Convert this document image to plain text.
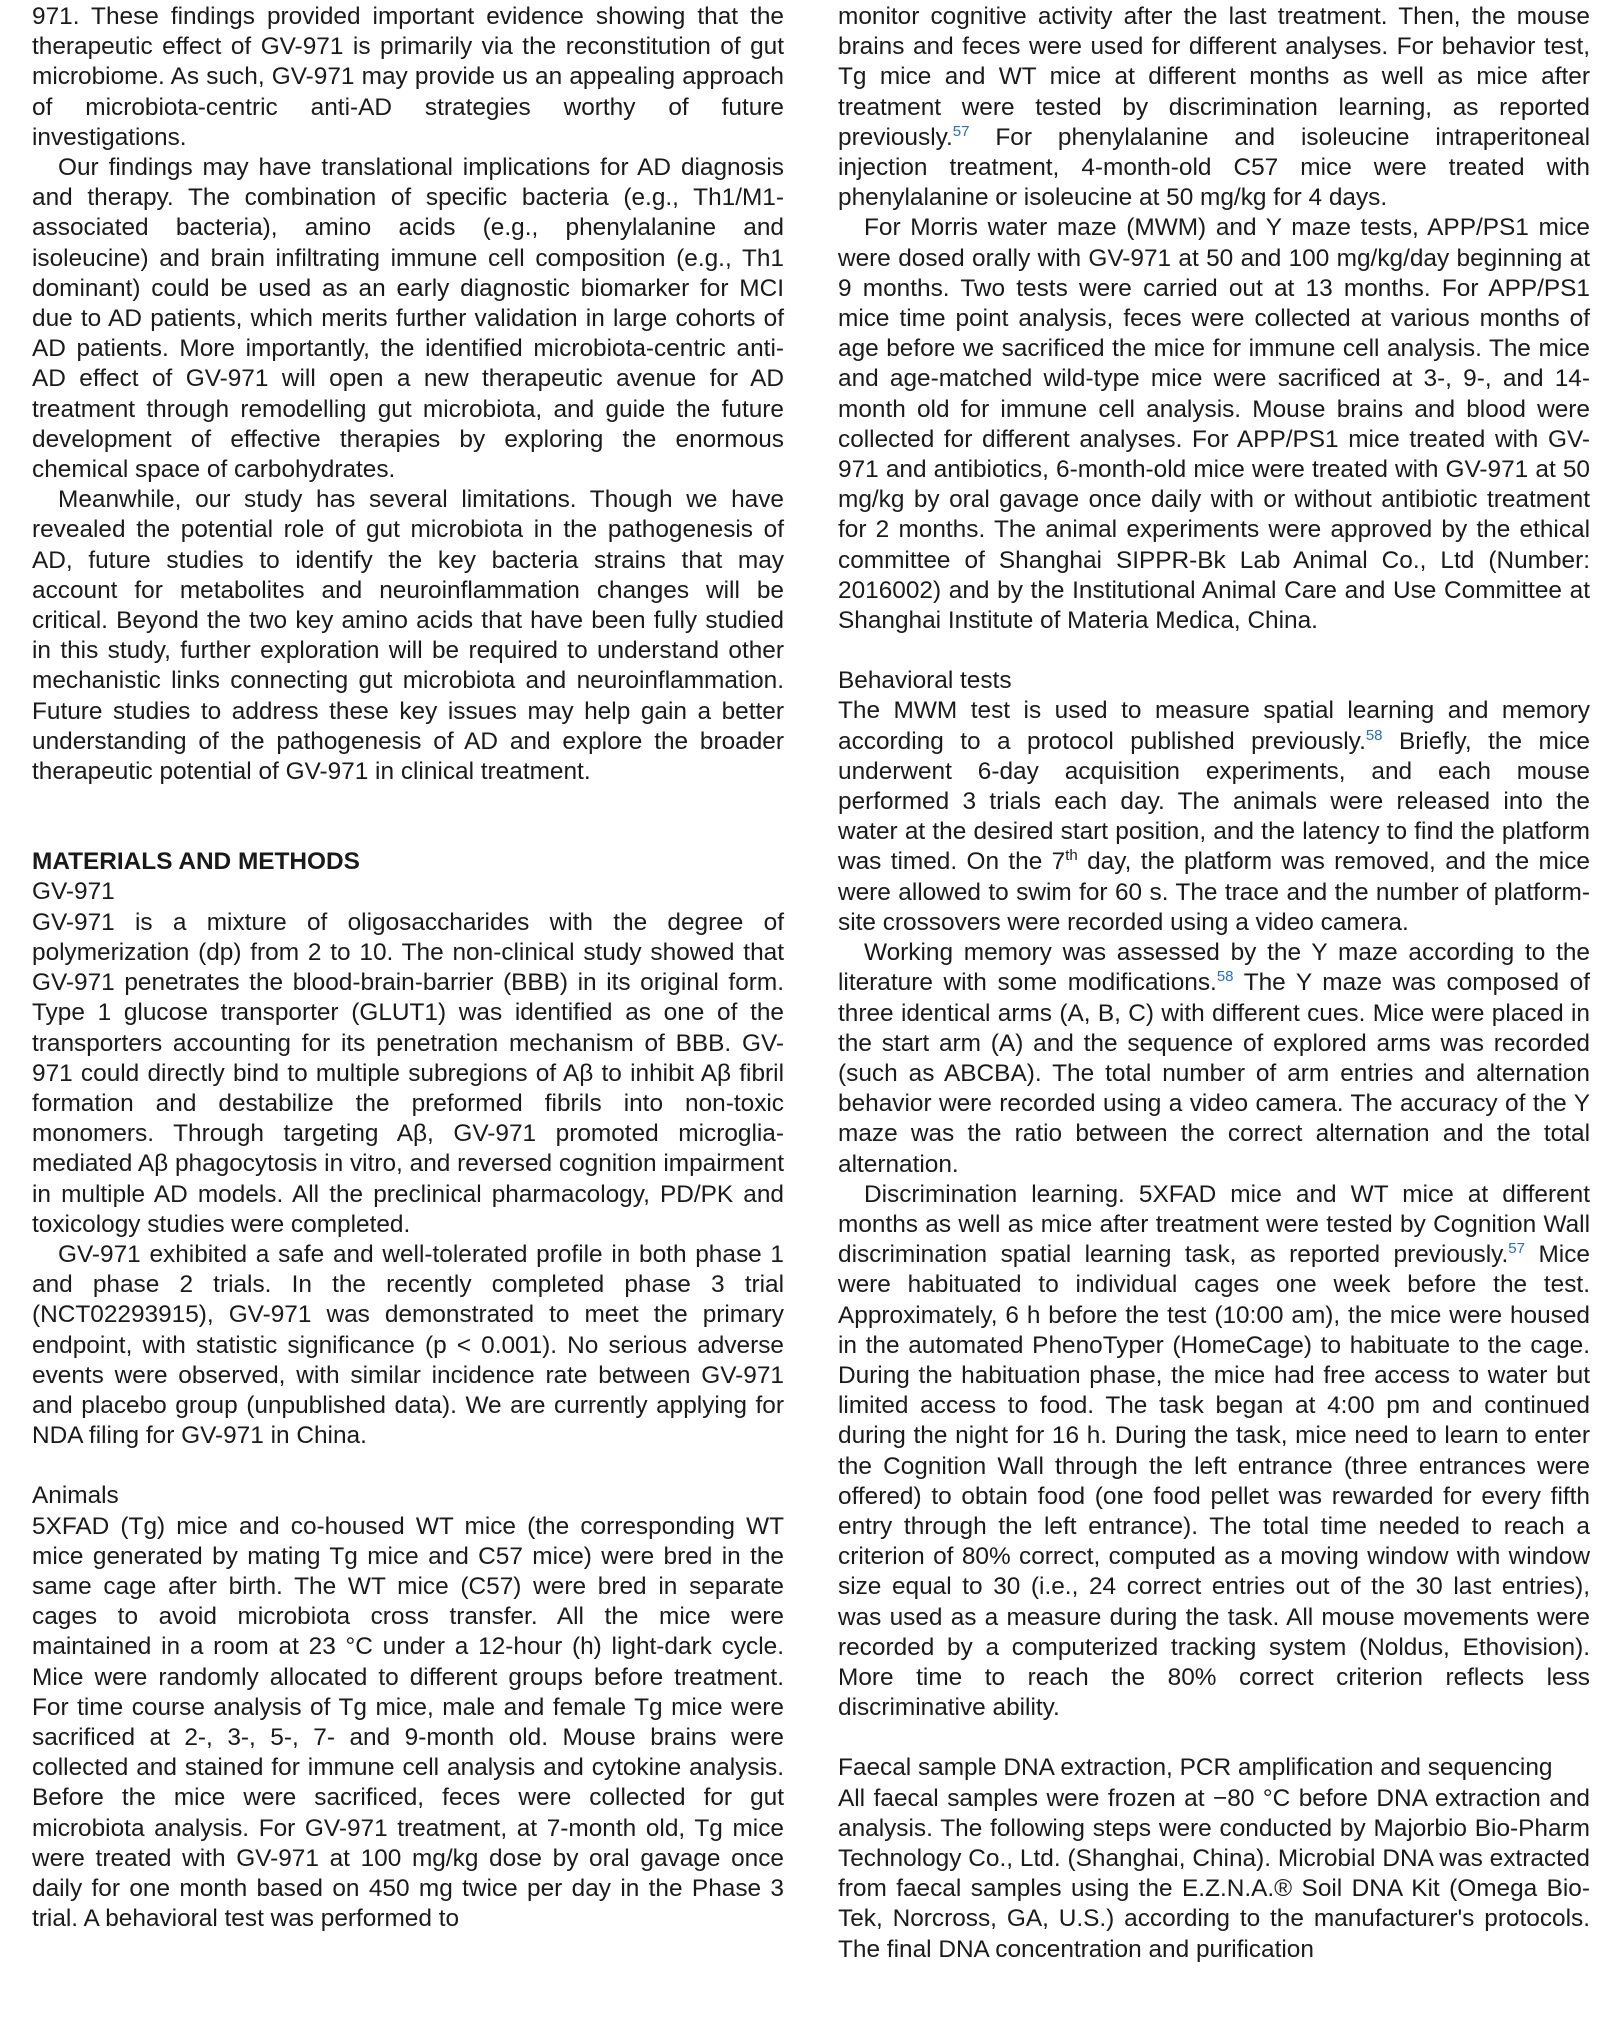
971. These findings provided important evidence showing that the therapeutic effect of GV-971 is primarily via the reconstitution of gut microbiome. As such, GV-971 may provide us an appealing approach of microbiota-centric anti-AD strategies worthy of future investigations.

Our findings may have translational implications for AD diagnosis and therapy. The combination of specific bacteria (e.g., Th1/M1-associated bacteria), amino acids (e.g., phenylalanine and isoleucine) and brain infiltrating immune cell composition (e.g., Th1 dominant) could be used as an early diagnostic biomarker for MCI due to AD patients, which merits further validation in large cohorts of AD patients. More importantly, the identified microbiota-centric anti-AD effect of GV-971 will open a new therapeutic avenue for AD treatment through remodelling gut microbiota, and guide the future development of effective therapies by exploring the enormous chemical space of carbohydrates.

Meanwhile, our study has several limitations. Though we have revealed the potential role of gut microbiota in the pathogenesis of AD, future studies to identify the key bacteria strains that may account for metabolites and neuroinflammation changes will be critical. Beyond the two key amino acids that have been fully studied in this study, further exploration will be required to understand other mechanistic links connecting gut microbiota and neuroinflammation. Future studies to address these key issues may help gain a better understanding of the pathogenesis of AD and explore the broader therapeutic potential of GV-971 in clinical treatment.

MATERIALS AND METHODS

GV-971

GV-971 is a mixture of oligosaccharides with the degree of polymerization (dp) from 2 to 10. The non-clinical study showed that GV-971 penetrates the blood-brain-barrier (BBB) in its original form. Type 1 glucose transporter (GLUT1) was identified as one of the transporters accounting for its penetration mechanism of BBB. GV-971 could directly bind to multiple subregions of Aβ to inhibit Aβ fibril formation and destabilize the preformed fibrils into non-toxic monomers. Through targeting Aβ, GV-971 promoted microglia-mediated Aβ phagocytosis in vitro, and reversed cognition impairment in multiple AD models. All the preclinical pharmacology, PD/PK and toxicology studies were completed.

GV-971 exhibited a safe and well-tolerated profile in both phase 1 and phase 2 trials. In the recently completed phase 3 trial (NCT02293915), GV-971 was demonstrated to meet the primary endpoint, with statistic significance (p < 0.001). No serious adverse events were observed, with similar incidence rate between GV-971 and placebo group (unpublished data). We are currently applying for NDA filing for GV-971 in China.

Animals

5XFAD (Tg) mice and co-housed WT mice (the corresponding WT mice generated by mating Tg mice and C57 mice) were bred in the same cage after birth. The WT mice (C57) were bred in separate cages to avoid microbiota cross transfer. All the mice were maintained in a room at 23 °C under a 12-hour (h) light-dark cycle. Mice were randomly allocated to different groups before treatment. For time course analysis of Tg mice, male and female Tg mice were sacrificed at 2-, 3-, 5-, 7- and 9-month old. Mouse brains were collected and stained for immune cell analysis and cytokine analysis. Before the mice were sacrificed, feces were collected for gut microbiota analysis. For GV-971 treatment, at 7-month old, Tg mice were treated with GV-971 at 100 mg/kg dose by oral gavage once daily for one month based on 450 mg twice per day in the Phase 3 trial. A behavioral test was performed to

monitor cognitive activity after the last treatment. Then, the mouse brains and feces were used for different analyses. For behavior test, Tg mice and WT mice at different months as well as mice after treatment were tested by discrimination learning, as reported previously.$^{57}$ For phenylalanine and isoleucine intraperitoneal injection treatment, 4-month-old C57 mice were treated with phenylalanine or isoleucine at 50 mg/kg for 4 days.

For Morris water maze (MWM) and Y maze tests, APP/PS1 mice were dosed orally with GV-971 at 50 and 100 mg/kg/day beginning at 9 months. Two tests were carried out at 13 months. For APP/PS1 mice time point analysis, feces were collected at various months of age before we sacrificed the mice for immune cell analysis. The mice and age-matched wild-type mice were sacrificed at 3-, 9-, and 14-month old for immune cell analysis. Mouse brains and blood were collected for different analyses. For APP/PS1 mice treated with GV-971 and antibiotics, 6-month-old mice were treated with GV-971 at 50 mg/kg by oral gavage once daily with or without antibiotic treatment for 2 months. The animal experiments were approved by the ethical committee of Shanghai SIPPR-Bk Lab Animal Co., Ltd (Number: 2016002) and by the Institutional Animal Care and Use Committee at Shanghai Institute of Materia Medica, China.

Behavioral tests

The MWM test is used to measure spatial learning and memory according to a protocol published previously.$^{58}$ Briefly, the mice underwent 6-day acquisition experiments, and each mouse performed 3 trials each day. The animals were released into the water at the desired start position, and the latency to find the platform was timed. On the 7th day, the platform was removed, and the mice were allowed to swim for 60 s. The trace and the number of platform-site crossovers were recorded using a video camera.

Working memory was assessed by the Y maze according to the literature with some modifications.$^{58}$ The Y maze was composed of three identical arms (A, B, C) with different cues. Mice were placed in the start arm (A) and the sequence of explored arms was recorded (such as ABCBA). The total number of arm entries and alternation behavior were recorded using a video camera. The accuracy of the Y maze was the ratio between the correct alternation and the total alternation.

Discrimination learning. 5XFAD mice and WT mice at different months as well as mice after treatment were tested by Cognition Wall discrimination spatial learning task, as reported previously.$^{57}$ Mice were habituated to individual cages one week before the test. Approximately, 6 h before the test (10:00 am), the mice were housed in the automated PhenoTyper (HomeCage) to habituate to the cage. During the habituation phase, the mice had free access to water but limited access to food. The task began at 4:00 pm and continued during the night for 16 h. During the task, mice need to learn to enter the Cognition Wall through the left entrance (three entrances were offered) to obtain food (one food pellet was rewarded for every fifth entry through the left entrance). The total time needed to reach a criterion of 80% correct, computed as a moving window with window size equal to 30 (i.e., 24 correct entries out of the 30 last entries), was used as a measure during the task. All mouse movements were recorded by a computerized tracking system (Noldus, Ethovision). More time to reach the 80% correct criterion reflects less discriminative ability.

Faecal sample DNA extraction, PCR amplification and sequencing

All faecal samples were frozen at −80 °C before DNA extraction and analysis. The following steps were conducted by Majorbio Bio-Pharm Technology Co., Ltd. (Shanghai, China). Microbial DNA was extracted from faecal samples using the E.Z.N.A.® Soil DNA Kit (Omega Bio-Tek, Norcross, GA, U.S.) according to the manufacturer's protocols. The final DNA concentration and purification
